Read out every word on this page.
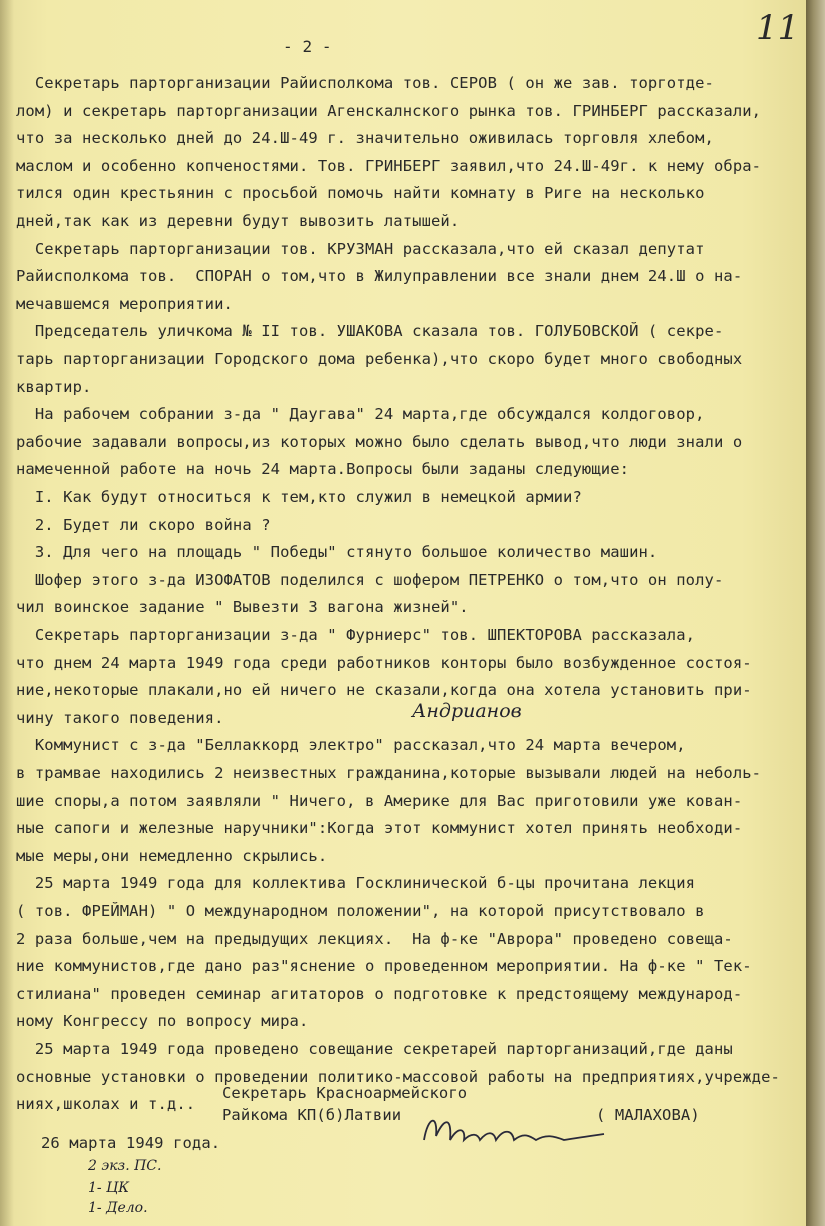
- 2 -	11
Секретарь парторганизации Райисполкома тов. СЕРОВ ( он же зав. торготде-
лом) и секретарь парторганизации Агенскалнского рынка тов. ГРИНБЕРГ рассказали,
что за несколько дней до 24.Ш-49 г. значительно оживилась торговля хлебом,
маслом и особенно копченостями. Тов. ГРИНБЕРГ заявил,что 24.Ш-49г. к нему обра-
тился один крестьянин с просьбой помочь найти комнату в Риге на несколько
дней,так как из деревни будут вывозить латышей.
Секретарь парторганизации тов. КРУЗМАН рассказала,что ей сказал депутат
Райисполкома тов.  СПОРАН о том,что в Жилуправлении все знали днем 24.Ш о на-
мечавшемся мероприятии.
Председатель уличкома № II тов. УШАКОВА сказала тов. ГОЛУБОВСКОЙ ( секре-
тарь парторганизации Городского дома ребенка),что скоро будет много свободных
квартир.
На рабочем собрании з-да " Даугава" 24 марта,где обсуждался колдоговор,
рабочие задавали вопросы,из которых можно было сделать вывод,что люди знали о
намеченной работе на ночь 24 марта.Вопросы были заданы следующие:
I. Как будут относиться к тем,кто служил в немецкой армии?
2. Будет ли скоро война ?
3. Для чего на площадь " Победы" стянуто большое количество машин.
Шофер этого з-да ИЗОФАТОВ поделился с шофером ПЕТРЕНКО о том,что он полу-
чил воинское задание " Вывезти 3 вагона жизней".
Секретарь парторганизации з-да " Фурниерс" тов. ШПЕКТОРОВА рассказала,
что днем 24 марта 1949 года среди работников конторы было возбужденное состоя-
ние,некоторые плакали,но ей ничего не сказали,когда она хотела установить при-
чину такого поведения.
Коммунист с з-да "Беллаккорд электро" рассказал,что 24 марта вечером,
в трамвае находились 2 неизвестных гражданина,которые вызывали людей на неболь-
шие споры,а потом заявляли " Ничего, в Америке для Вас приготовили уже кован-
ные сапоги и железные наручники":Когда этот коммунист хотел принять необходи-
мые меры,они немедленно скрылись.
25 марта 1949 года для коллектива Госклинической б-цы прочитана лекция
( тов. ФРЕЙМАН) " О международном положении", на которой присутствовало в
2 раза больше,чем на предыдущих лекциях.  На ф-ке "Аврора" проведено совеща-
ние коммунистов,где дано раз"яснение о проведенном мероприятии. На ф-ке " Тек-
стилиана" проведен семинар агитаторов о подготовке к предстоящему международ-
ному Конгрессу по вопросу мира.
25 марта 1949 года проведено совещание секретарей парторганизаций,где даны
основные установки о проведении политико-массовой работы на предприятиях,учрежде-
ниях,школах и т.д..
Андрианов
Секретарь Красноармейского
Райкома КП(б)Латвии	( МАЛАХОВА)
26 марта 1949 года.
2 экз. ПС.
1- ЦК
1- Дело.
